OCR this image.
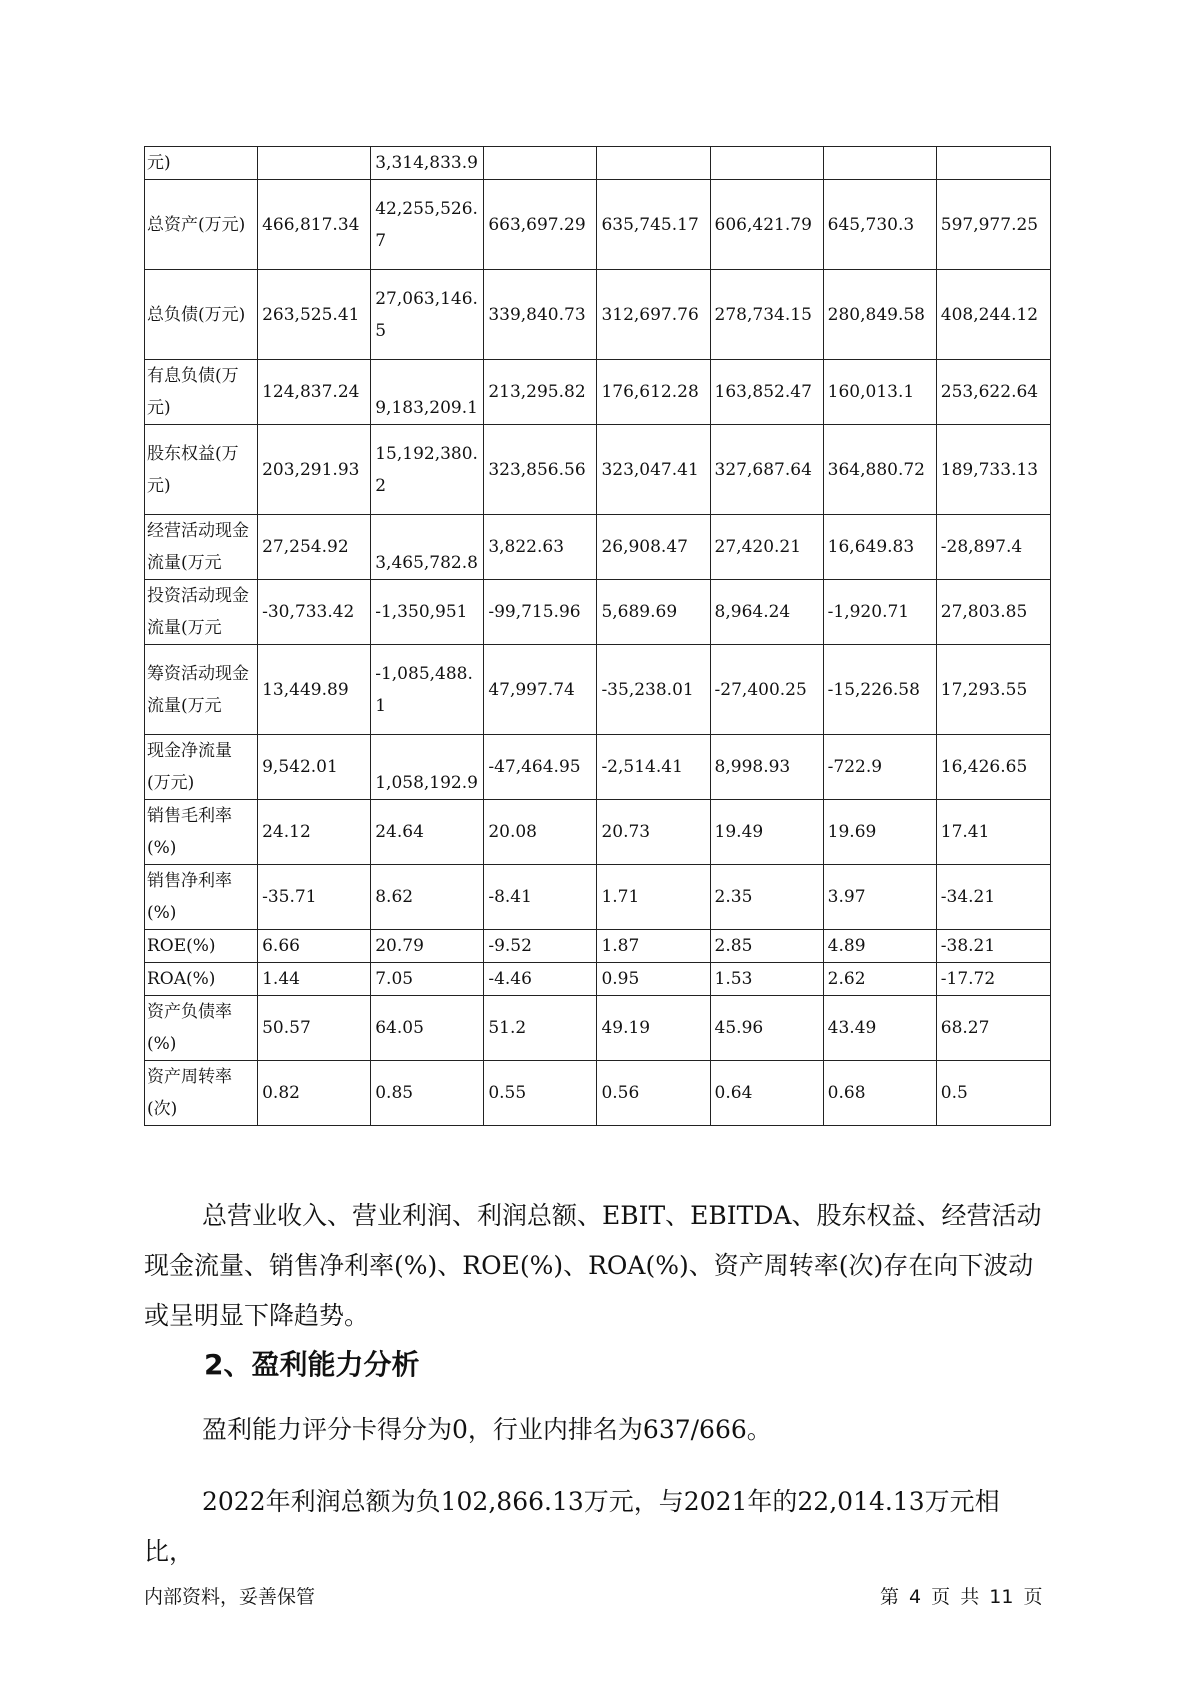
元)		3,314,833.9					
总资产(万元)	466,817.34	42,255,526.7	663,697.29	635,745.17	606,421.79	645,730.3	597,977.25
总负债(万元)	263,525.41	27,063,146.5	339,840.73	312,697.76	278,734.15	280,849.58	408,244.12
有息负债(万元)	124,837.24	9,183,209.1	213,295.82	176,612.28	163,852.47	160,013.1	253,622.64
股东权益(万元)	203,291.93	15,192,380.2	323,856.56	323,047.41	327,687.64	364,880.72	189,733.13
经营活动现金流量(万元	27,254.92	3,465,782.8	3,822.63	26,908.47	27,420.21	16,649.83	-28,897.4
投资活动现金流量(万元	-30,733.42	-1,350,951	-99,715.96	5,689.69	8,964.24	-1,920.71	27,803.85
筹资活动现金流量(万元	13,449.89	-1,085,488.1	47,997.74	-35,238.01	-27,400.25	-15,226.58	17,293.55
现金净流量(万元)	9,542.01	1,058,192.9	-47,464.95	-2,514.41	8,998.93	-722.9	16,426.65
销售毛利率(%)	24.12	24.64	20.08	20.73	19.49	19.69	17.41
销售净利率(%)	-35.71	8.62	-8.41	1.71	2.35	3.97	-34.21
ROE(%)	6.66	20.79	-9.52	1.87	2.85	4.89	-38.21
ROA(%)	1.44	7.05	-4.46	0.95	1.53	2.62	-17.72
资产负债率(%)	50.57	64.05	51.2	49.19	45.96	43.49	68.27
资产周转率(次)	0.82	0.85	0.55	0.56	0.64	0.68	0.5

总营业收入、营业利润、利润总额、EBIT、EBITDA、股东权益、经营活动现金流量、销售净利率(%)、ROE(%)、ROA(%)、资产周转率(次)存在向下波动或呈明显下降趋势。

2、盈利能力分析

盈利能力评分卡得分为0，行业内排名为637/666。

2022年利润总额为负102,866.13万元，与2021年的22,014.13万元相比，

内部资料，妥善保管	第 4 页 共 11 页
